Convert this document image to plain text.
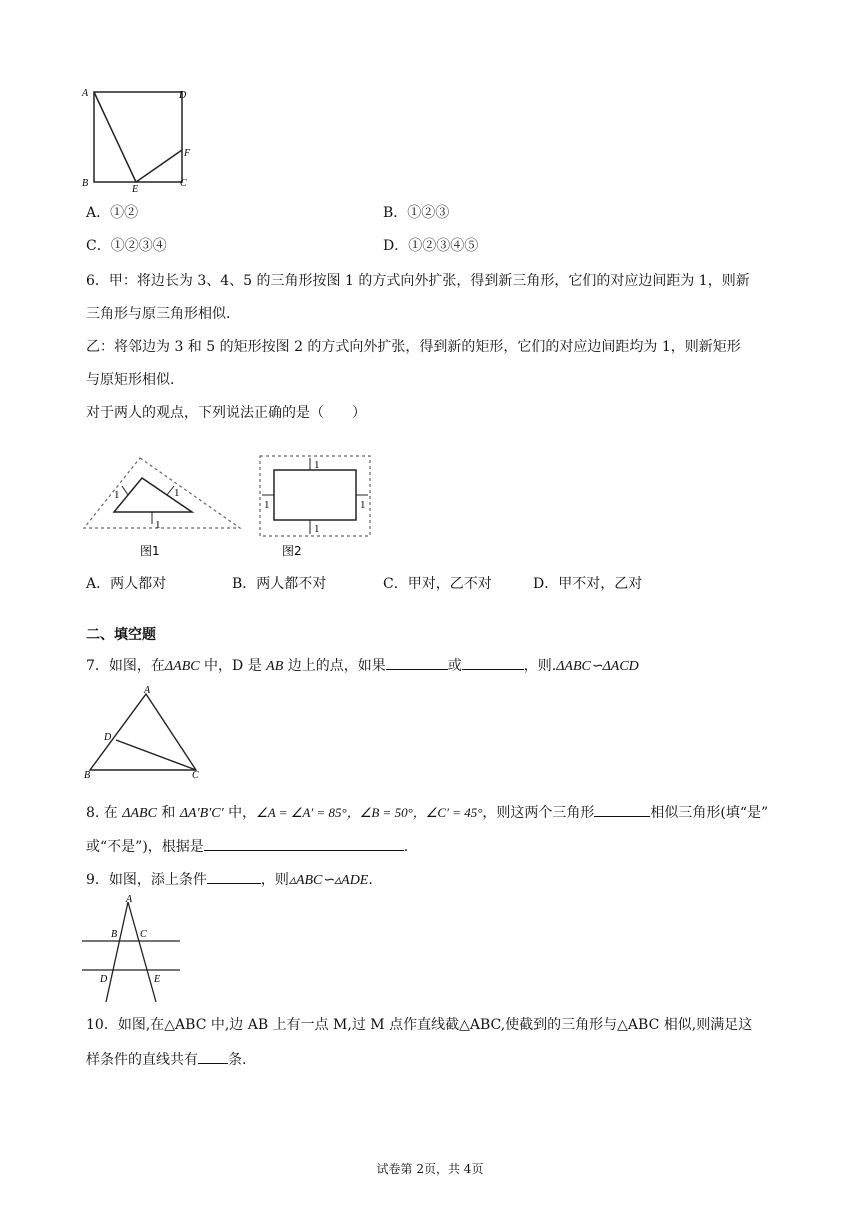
A	D
B
E
C
F
A．①②	B．①②③
C．①②③④	D．①②③④⑤
6．甲：将边长为 3、4、5 的三角形按图 1 的方式向外扩张，得到新三角形，它们的对应边间距为 1，则新
三角形与原三角形相似.
乙：将邻边为 3 和 5 的矩形按图 2 的方式向外扩张，得到新的矩形，它们的对应边间距均为 1，则新矩形
与原矩形相似.
对于两人的观点，下列说法正确的是（　　）
1	1
1
图1
1
1
1	1
图2
A．两人都对	B．两人都不对	C．甲对，乙不对	D．甲不对，乙对
二、填空题
7．如图，在ΔABC 中，D 是 AB 边上的点，如果	或	，则.ΔABC∽ΔACD
A
D
B	C
8. 在 ΔABC 和 ΔA′B′C′ 中，∠A = ∠A′ = 85°，∠B = 50°，∠C′ = 45°，则这两个三角形	相似三角形(填“是”
或“不是”)，根据是	.
9．如图，添上条件	，则▵ABC∽▵ADE.
A
B C
D	E
10．如图,在△ABC 中,边 AB 上有一点 M,过 M 点作直线截△ABC,使截到的三角形与△ABC 相似,则满足这
样条件的直线共有 条.
试卷第 2页，共 4页
